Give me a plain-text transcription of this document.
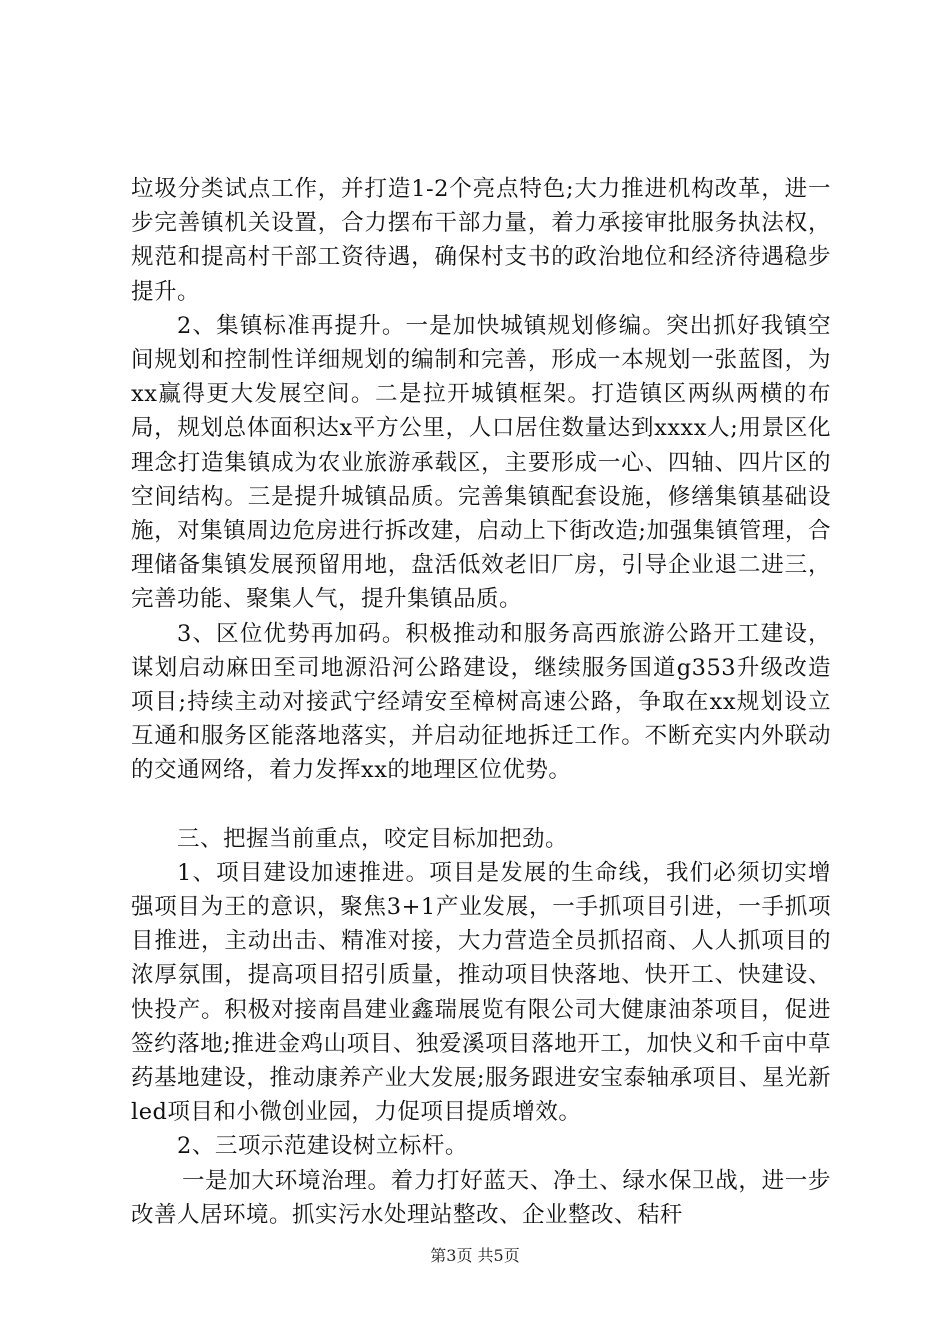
垃圾分类试点工作，并打造1-2个亮点特色;大力推进机构改革，进一步完善镇机关设置，合力摆布干部力量，着力承接审批服务执法权，规范和提高村干部工资待遇，确保村支书的政治地位和经济待遇稳步提升。

2、集镇标准再提升。一是加快城镇规划修编。突出抓好我镇空间规划和控制性详细规划的编制和完善，形成一本规划一张蓝图，为xx赢得更大发展空间。二是拉开城镇框架。打造镇区两纵两横的布局，规划总体面积达x平方公里，人口居住数量达到xxxx人;用景区化理念打造集镇成为农业旅游承载区，主要形成一心、四轴、四片区的空间结构。三是提升城镇品质。完善集镇配套设施，修缮集镇基础设施，对集镇周边危房进行拆改建，启动上下街改造;加强集镇管理，合理储备集镇发展预留用地，盘活低效老旧厂房，引导企业退二进三，完善功能、聚集人气，提升集镇品质。

3、区位优势再加码。积极推动和服务高西旅游公路开工建设，谋划启动麻田至司地源沿河公路建设，继续服务国道g353升级改造项目;持续主动对接武宁经靖安至樟树高速公路，争取在xx规划设立互通和服务区能落地落实，并启动征地拆迁工作。不断充实内外联动的交通网络，着力发挥xx的地理区位优势。

三、把握当前重点，咬定目标加把劲。

1、项目建设加速推进。项目是发展的生命线，我们必须切实增强项目为王的意识，聚焦3+1产业发展，一手抓项目引进，一手抓项目推进，主动出击、精准对接，大力营造全员抓招商、人人抓项目的浓厚氛围，提高项目招引质量，推动项目快落地、快开工、快建设、快投产。积极对接南昌建业鑫瑞展览有限公司大健康油茶项目，促进签约落地;推进金鸡山项目、独爱溪项目落地开工，加快义和千亩中草药基地建设，推动康养产业大发展;服务跟进安宝泰轴承项目、星光新led项目和小微创业园，力促项目提质增效。

2、三项示范建设树立标杆。

一是加大环境治理。着力打好蓝天、净土、绿水保卫战，进一步改善人居环境。抓实污水处理站整改、企业整改、秸秆

第3页 共5页
